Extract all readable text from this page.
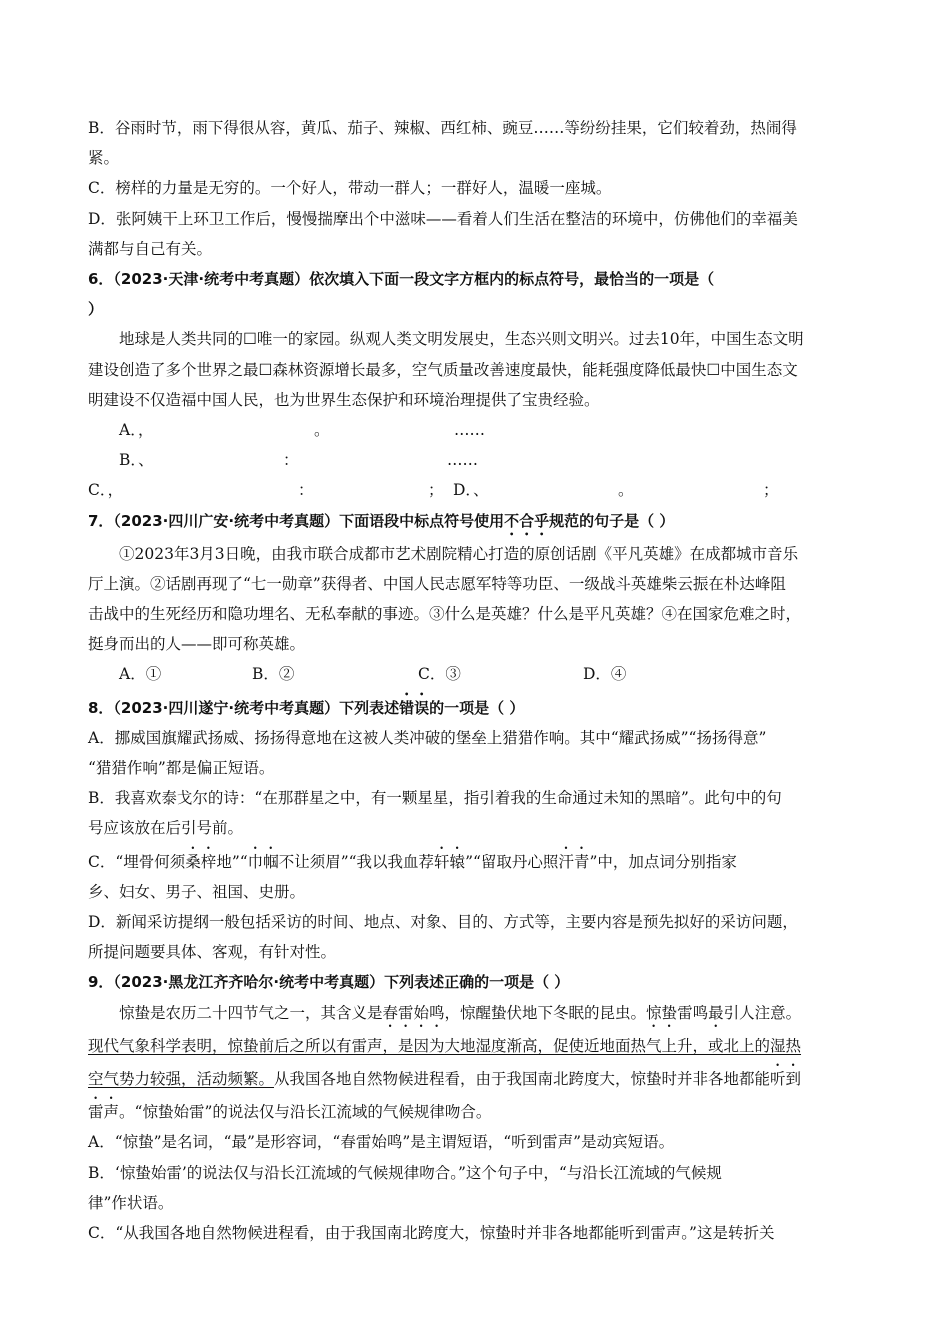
B．谷雨时节，雨下得很从容，黄瓜、茄子、辣椒、西红柿、豌豆……等纷纷挂果，它们较着劲，热闹得

紧。

C．榜样的力量是无穷的。一个好人，带动一群人；一群好人，温暖一座城。

D．张阿姨干上环卫工作后，慢慢揣摩出个中滋味——看着人们生活在整洁的环境中，仿佛他们的幸福美

满都与自己有关。

6．（2023·天津·统考中考真题）依次填入下面一段文字方框内的标点符号，最恰当的一项是（

）

地球是人类共同的☐唯一的家园。纵观人类文明发展史，生态兴则文明兴。过去10年，中国生态文明

建设创造了多个世界之最☐森林资源增长最多，空气质量改善速度最快，能耗强度降低最快☐中国生态文

明建设不仅造福中国人民，也为世界生态保护和环境治理提供了宝贵经验。

A．，	。	……
B．、	：	……
C．，	：	； D．、	。	；

7．（2023·四川广安·统考中考真题）下面语段中标点符号使用不合乎规范的句子是（ ）

①2023年3月3日晚，由我市联合成都市艺术剧院精心打造的原创话剧《平凡英雄》在成都城市音乐

厅上演。②话剧再现了“七一勋章”获得者、中国人民志愿军特等功臣、一级战斗英雄柴云振在朴达峰阻

击战中的生死经历和隐功埋名、无私奉献的事迹。③什么是英雄？什么是平凡英雄？④在国家危难之时，

挺身而出的人——即可称英雄。

A．①	B．②	C．③	D．④

8．（2023·四川遂宁·统考中考真题）下列表述错误的一项是（ ）

A．挪威国旗耀武扬威、扬扬得意地在这被人类冲破的堡垒上猎猎作响。其中“耀武扬威”“扬扬得意”

“猎猎作响”都是偏正短语。

B．我喜欢泰戈尔的诗：“在那群星之中，有一颗星星，指引着我的生命通过未知的黑暗”。此句中的句

号应该放在后引号前。

C．“埋骨何须桑梓地”“巾帼不让须眉”“我以我血荐轩辕”“留取丹心照汗青”中，加点词分别指家

乡、妇女、男子、祖国、史册。

D．新闻采访提纲一般包括采访的时间、地点、对象、目的、方式等，主要内容是预先拟好的采访问题，

所提问题要具体、客观，有针对性。

9．（2023·黑龙江齐齐哈尔·统考中考真题）下列表述正确的一项是（ ）

惊蛰是农历二十四节气之一，其含义是春雷始鸣，惊醒蛰伏地下冬眠的昆虫。惊蛰雷鸣最引人注意。

现代气象科学表明，惊蛰前后之所以有雷声，是因为大地湿度渐高，促使近地面热气上升，或北上的湿热

空气势力较强，活动频繁。从我国各地自然物候进程看，由于我国南北跨度大，惊蛰时并非各地都能听到

雷声。“惊蛰始雷”的说法仅与沿长江流域的气候规律吻合。

A．“惊蛰”是名词，“最”是形容词，“春雷始鸣”是主谓短语，“听到雷声”是动宾短语。

B．‘惊蛰始雷’的说法仅与沿长江流域的气候规律吻合。”这个句子中，“与沿长江流域的气候规

律”作状语。

C．“从我国各地自然物候进程看，由于我国南北跨度大，惊蛰时并非各地都能听到雷声。”这是转折关
